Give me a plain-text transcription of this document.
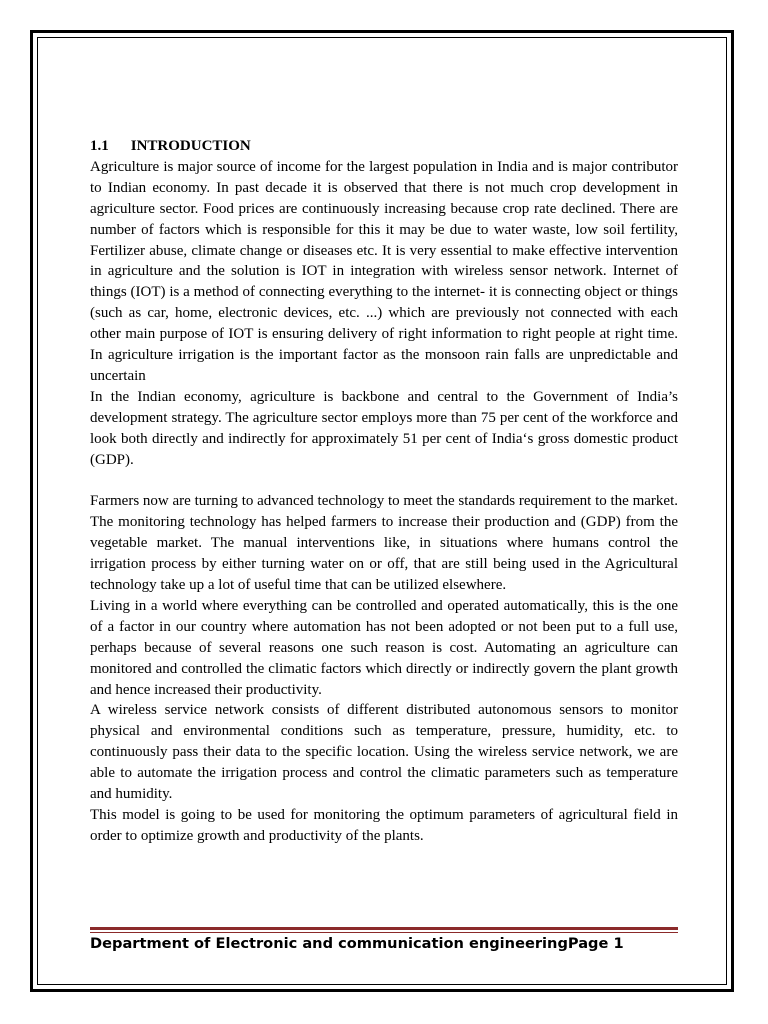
1.1 INTRODUCTION

Agriculture is major source of income for the largest population in India and is major contributor to Indian economy. In past decade it is observed that there is not much crop development in agriculture sector. Food prices are continuously increasing because crop rate declined. There are number of factors which is responsible for this it may be due to water waste, low soil fertility, Fertilizer abuse, climate change or diseases etc. It is very essential to make effective intervention in agriculture and the solution is IOT in integration with wireless sensor network. Internet of things (IOT) is a method of connecting everything to the internet- it is connecting object or things (such as car, home, electronic devices, etc. ...) which are previously not connected with each other main purpose of IOT is ensuring delivery of right information to right people at right time. In agriculture irrigation is the important factor as the monsoon rain falls are unpredictable and uncertain

In the Indian economy, agriculture is backbone and central to the Government of India’s development strategy. The agriculture sector employs more than 75 per cent of the workforce and look both directly and indirectly for approximately 51 per cent of India‘s gross domestic product (GDP).

Farmers now are turning to advanced technology to meet the standards requirement to the market. The monitoring technology has helped farmers to increase their production and (GDP) from the vegetable market. The manual interventions like, in situations where humans control the irrigation process by either turning water on or off, that are still being used in the Agricultural technology take up a lot of useful time that can be utilized elsewhere.

Living in a world where everything can be controlled and operated automatically, this is the one of a factor in our country where automation has not been adopted or not been put to a full use, perhaps because of several reasons one such reason is cost. Automating an agriculture can monitored and controlled the climatic factors which directly or indirectly govern the plant growth and hence increased their productivity.

A wireless service network consists of different distributed autonomous sensors to monitor physical and environmental conditions such as temperature, pressure, humidity, etc. to continuously pass their data to the specific location. Using the wireless service network, we are able to automate the irrigation process and control the climatic parameters such as temperature and humidity.

This model is going to be used for monitoring the optimum parameters of agricultural field in order to optimize growth and productivity of the plants.

Department of Electronic and communication engineeringPage 1
